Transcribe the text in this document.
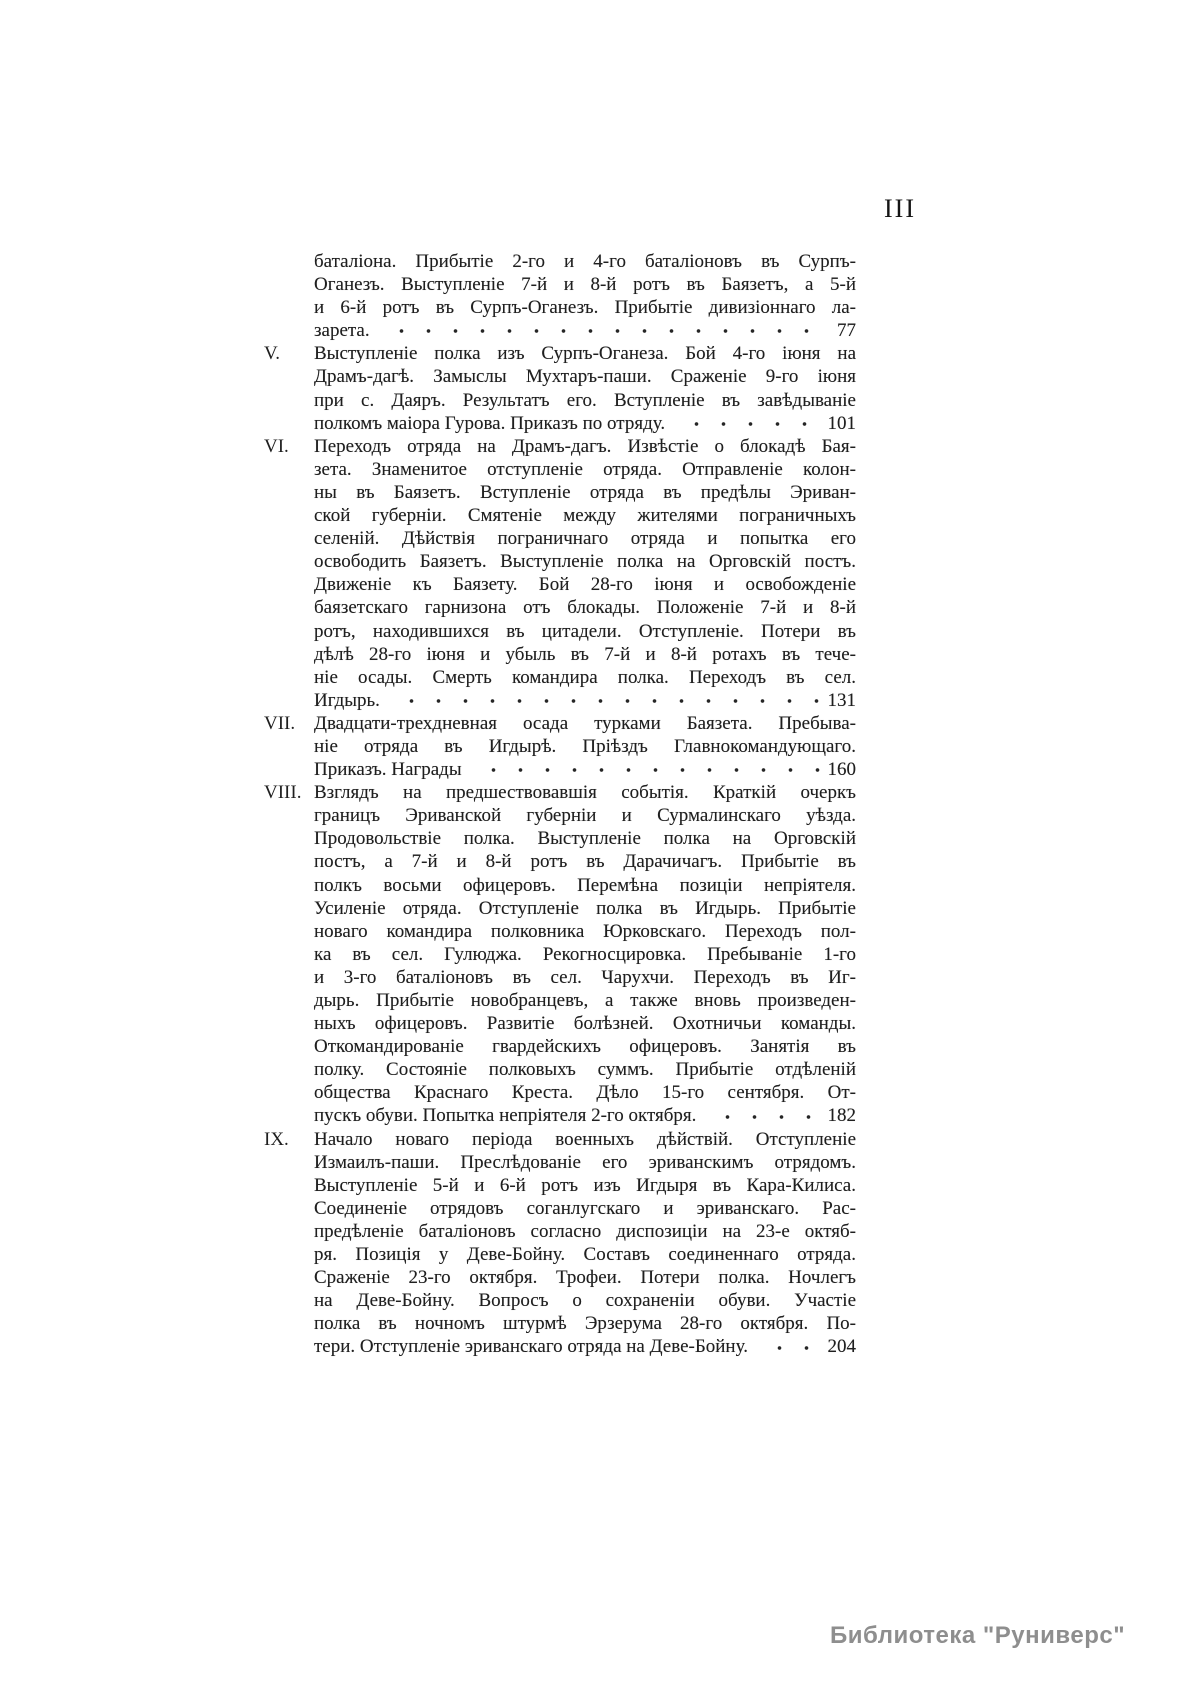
III
баталіона. Прибытіе 2-го и 4-го баталіоновъ въ Сурпъ-
Оганезъ. Выступленіе 7-й и 8-й ротъ въ Баязетъ, а 5-й
и 6-й ротъ въ Сурпъ-Оганезъ. Прибытіе дивизіоннаго ла-
зарета.	77
V.	Выступленіе полка изъ Сурпъ-Оганеза. Бой 4-го іюня на
Драмъ-дагѣ. Замыслы Мухтаръ-паши. Сраженіе 9-го іюня
при с. Даяръ. Результатъ его. Вступленіе въ завѣдываніе
полкомъ маіора Гурова. Приказъ по отряду.	101
VI.	Переходъ отряда на Драмъ-дагъ. Извѣстіе о блокадѣ Бая-
зета. Знаменитое отступленіе отряда. Отправленіе колон-
ны въ Баязетъ. Вступленіе отряда въ предѣлы Эриван-
ской губерніи. Смятеніе между жителями пограничныхъ
селеній. Дѣйствія пограничнаго отряда и попытка его
освободить Баязетъ. Выступленіе полка на Орговскій постъ.
Движеніе къ Баязету. Бой 28-го іюня и освобожденіе
баязетскаго гарнизона отъ блокады. Положеніе 7-й и 8-й
ротъ, находившихся въ цитадели. Отступленіе. Потери въ
дѣлѣ 28-го іюня и убыль въ 7-й и 8-й ротахъ въ тече-
ніе осады. Смерть командира полка. Переходъ въ сел.
Игдырь.	131
VII. Двадцати-трехдневная осада турками Баязета. Пребыва-
ніе отряда въ Игдырѣ. Пріѣздъ Главнокомандующаго.
Приказъ. Награды	160
VIII. Взглядъ на предшествовавшія событія. Краткій очеркъ
границъ Эриванской губерніи и Сурмалинскаго уѣзда.
Продовольствіе полка. Выступленіе полка на Орговскій
постъ, а 7-й и 8-й ротъ въ Дарачичагъ. Прибытіе въ
полкъ восьми офицеровъ. Перемѣна позиціи непріятеля.
Усиленіе отряда. Отступленіе полка въ Игдырь. Прибытіе
новаго командира полковника Юрковскаго. Переходъ пол-
ка въ сел. Гулюджа. Рекогносцировка. Пребываніе 1-го
и 3-го баталіоновъ въ сел. Чарухчи. Переходъ въ Иг-
дырь. Прибытіе новобранцевъ, а также вновь произведен-
ныхъ офицеровъ. Развитіе болѣзней. Охотничьи команды.
Откомандированіе гвардейскихъ офицеровъ. Занятія въ
полку. Состояніе полковыхъ суммъ. Прибытіе отдѣленій
общества Краснаго Креста. Дѣло 15-го сентября. От-
пускъ обуви. Попытка непріятеля 2-го октября.	182
IX.	Начало новаго періода военныхъ дѣйствій. Отступленіе
Измаилъ-паши. Преслѣдованіе его эриванскимъ отрядомъ.
Выступленіе 5-й и 6-й ротъ изъ Игдыря въ Кара-Килиса.
Соединеніе отрядовъ соганлугскаго и эриванскаго. Рас-
предѣленіе баталіоновъ согласно диспозиціи на 23-е октяб-
ря. Позиція у Деве-Бойну. Составъ соединеннаго отряда.
Сраженіе 23-го октября. Трофеи. Потери полка. Ночлегъ
на Деве-Бойну. Вопросъ о сохраненіи обуви. Участіе
полка въ ночномъ штурмѣ Эрзерума 28-го октября. По-
тери. Отступленіе эриванскаго отряда на Деве-Бойну.	204
Библиотека "Руниверс"
